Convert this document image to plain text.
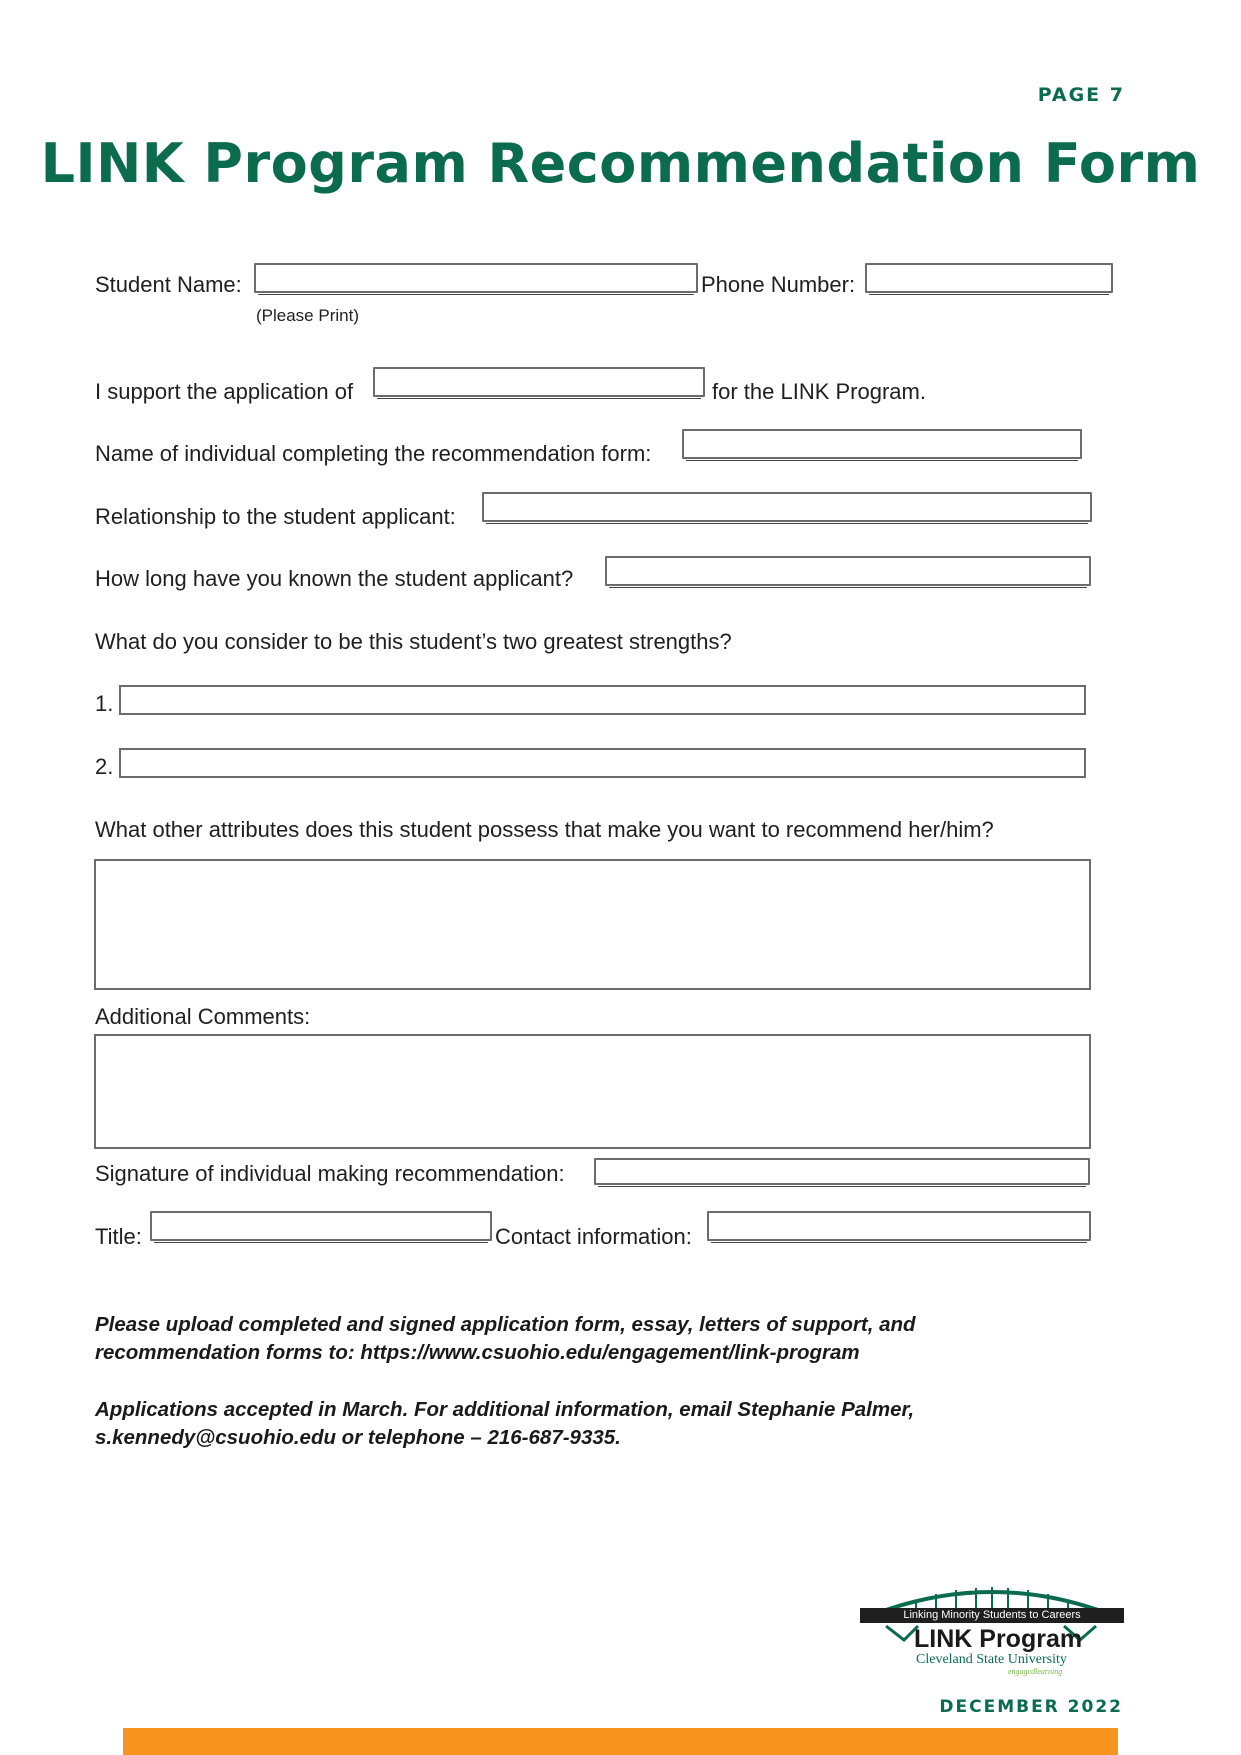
PAGE 7
LINK Program Recommendation Form
Student Name:
(Please Print)
Phone Number:
I support the application of	for the LINK Program.
Name of individual completing the recommendation form:
Relationship to the student applicant:
How long have you known the student applicant?
What do you consider to be this student’s two greatest strengths?
1.
2.
What other attributes does this student possess that make you want to recommend her/him?
Additional Comments:
Signature of individual making recommendation:
Title:	Contact information:
Please upload completed and signed application form, essay, letters of support, and
recommendation forms to: https://www.csuohio.edu/engagement/link-program
Applications accepted in March. For additional information, email Stephanie Palmer,
s.kennedy@csuohio.edu or telephone – 216-687-9335.
Linking Minority Students to Careers
LINK Program
Cleveland State University
engagedlearning
DECEMBER 2022
